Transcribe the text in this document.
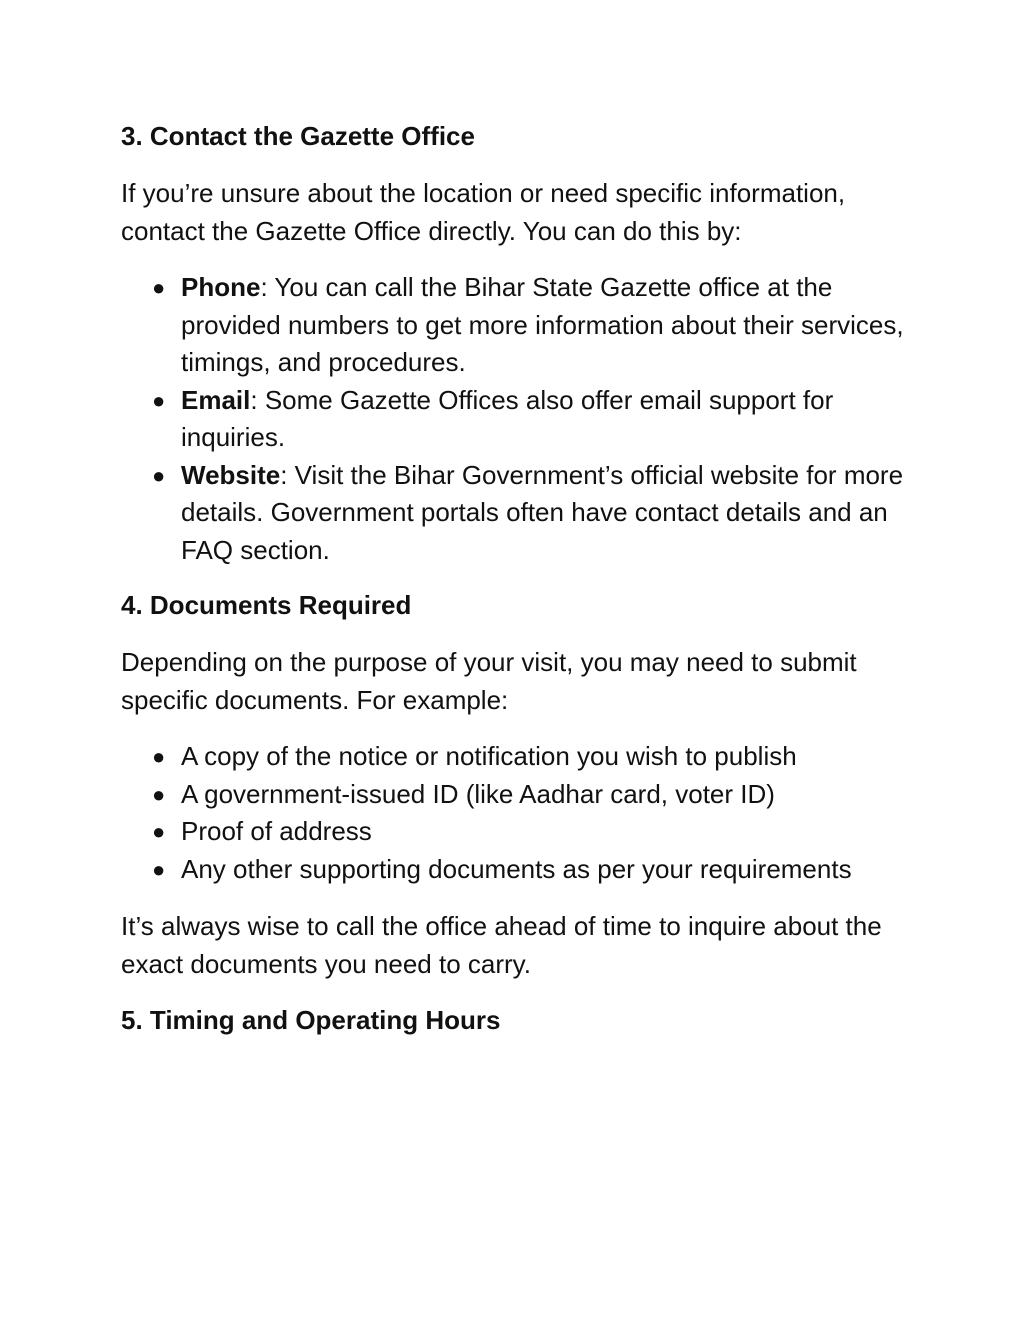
3. Contact the Gazette Office

If you’re unsure about the location or need specific information, contact the Gazette Office directly. You can do this by:

● Phone: You can call the Bihar State Gazette office at the provided numbers to get more information about their services, timings, and procedures.
● Email: Some Gazette Offices also offer email support for inquiries.
● Website: Visit the Bihar Government’s official website for more details. Government portals often have contact details and an FAQ section.
4. Documents Required

Depending on the purpose of your visit, you may need to submit specific documents. For example:

● A copy of the notice or notification you wish to publish
● A government-issued ID (like Aadhar card, voter ID)
● Proof of address
● Any other supporting documents as per your requirements

It’s always wise to call the office ahead of time to inquire about the exact documents you need to carry.

5. Timing and Operating Hours
